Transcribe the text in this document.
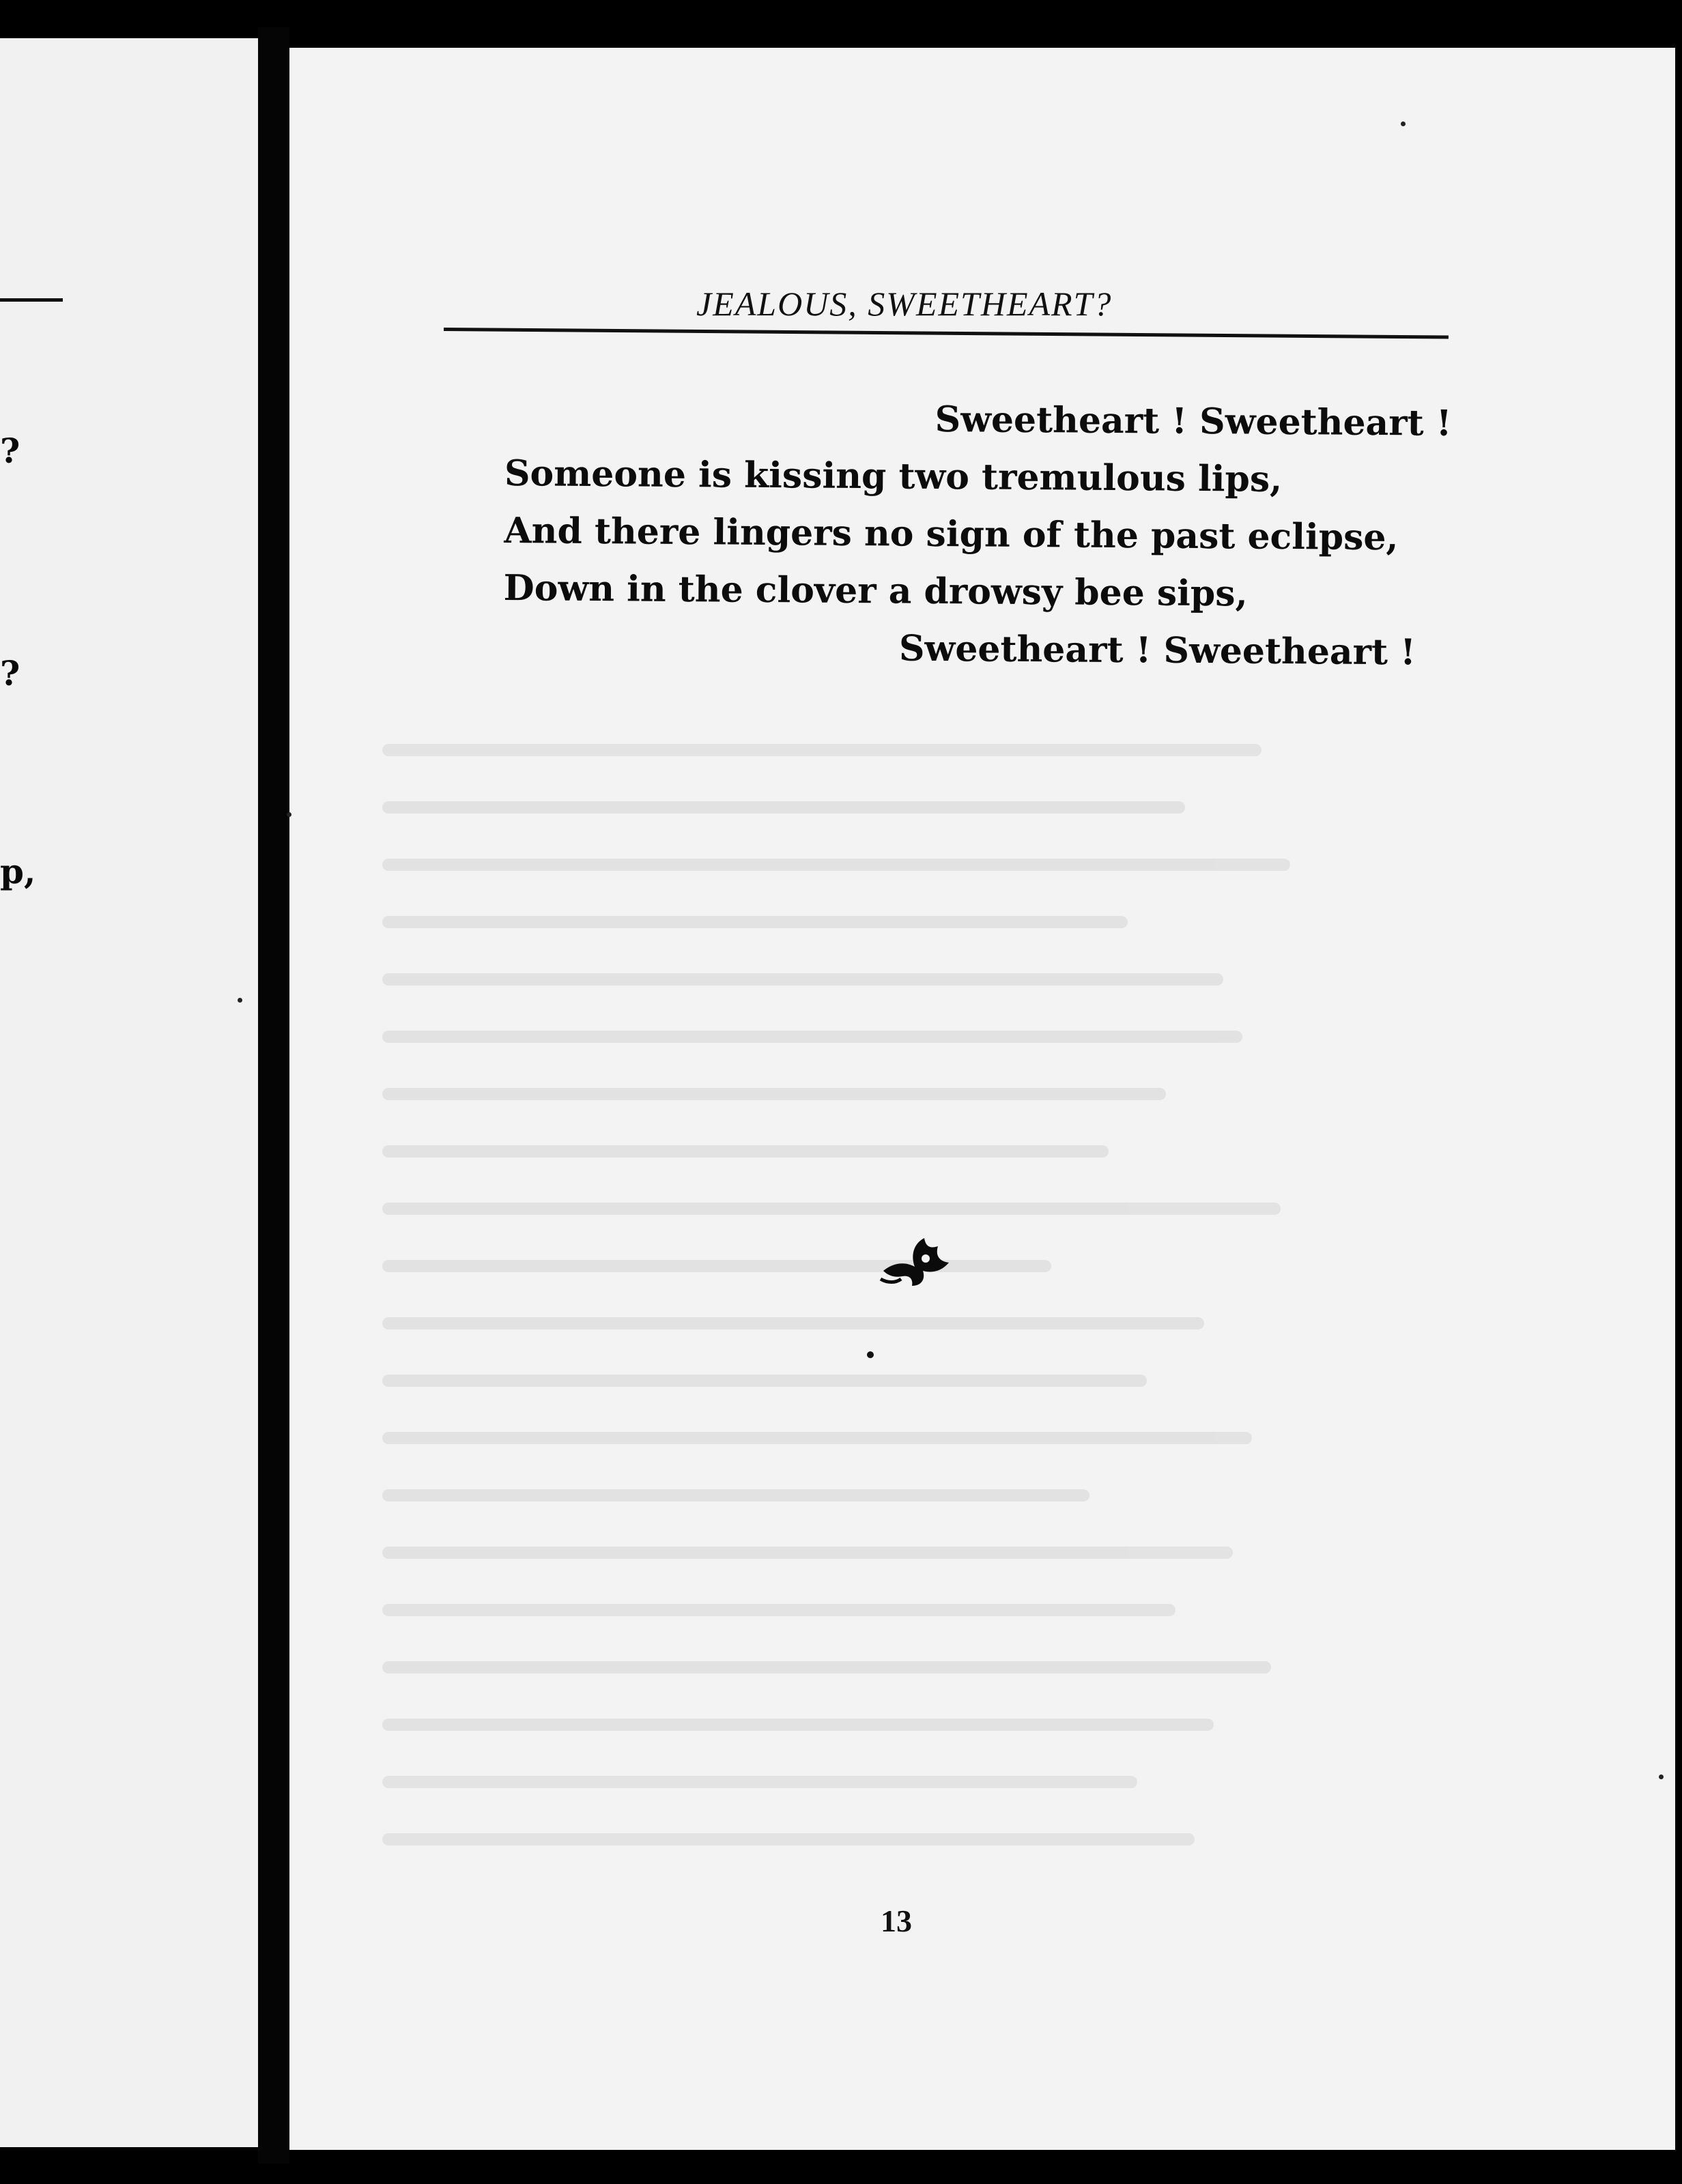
?
?
p,
JEALOUS, SWEETHEART?
Sweetheart ! Sweetheart !
Someone is kissing two tremulous lips,
And there lingers no sign of the past eclipse,
Down in the clover a drowsy bee sips,
Sweetheart ! Sweetheart !
13
